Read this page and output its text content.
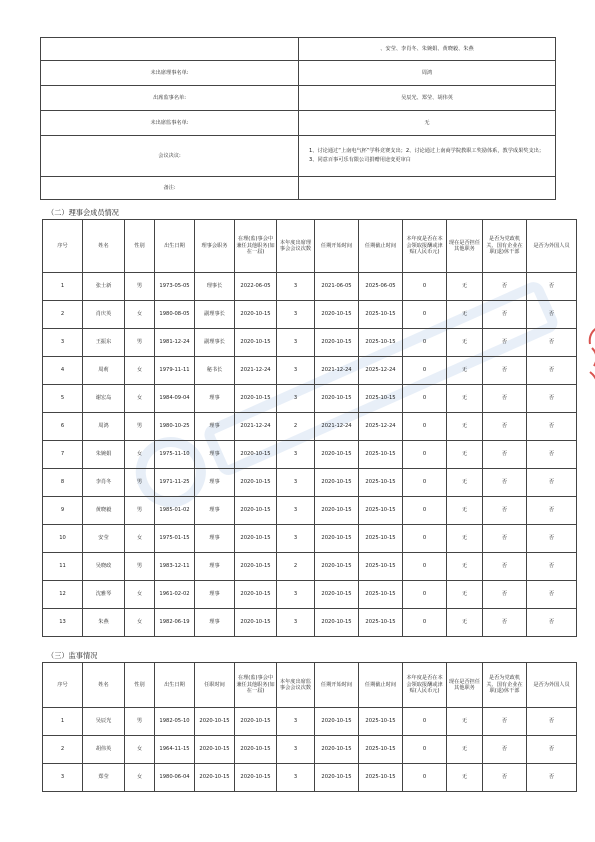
	、安莹、李肖冬、朱婉娟、黄晓毅、朱燕
未出席理事名单:	周鸿
出席监事名单:	吴辰光、郑莹、胡伟英
未出席监事名单:	无
会议决议:	1、讨论通过“上南电气杯”学科竞赛支出；2、讨论通过上南商学院教职工奖励体系，教学成果奖支出；3、同意百事可乐有限公司捐赠用途变更审白
备注:	
（二）理事会成员情况
序号	姓名	性别	出生日期	理事会职务	在理(监)事会中兼任其他职务(如在一届)	本年度出席理事会会议次数	任期开始时间	任期截止时间	本年度是否在本会领取报酬或津贴(人民币元)	现在是否担任其他职务	是否为党政机关、国有企业在职(退)休干部	是否为外国人员
1	张士新	男	1973-05-05	理事长	2022-06-05	3	2021-06-05	2025-06-05	0	无	否	否
2	肖庆英	女	1980-08-05	副理事长	2020-10-15	3	2020-10-15	2025-10-15	0	无	否	否
3	王振东	男	1981-12-24	副理事长	2020-10-15	3	2020-10-15	2025-10-15	0	无	否	否
4	周莉	女	1979-11-11	秘书长	2021-12-24	3	2021-12-24	2025-12-24	0	无	否	否
5	谢宏岛	女	1984-09-04	理事	2020-10-15	3	2020-10-15	2025-10-15	0	无	否	否
6	周鸿	男	1980-10-25	理事	2021-12-24	2	2021-12-24	2025-12-24	0	无	否	否
7	朱婉娟	女	1975-11-10	理事	2020-10-15	3	2020-10-15	2025-10-15	0	无	否	否
8	李肖冬	男	1971-11-25	理事	2020-10-15	3	2020-10-15	2025-10-15	0	无	否	否
9	黄晓毅	男	1985-01-02	理事	2020-10-15	3	2020-10-15	2025-10-15	0	无	否	否
10	安莹	女	1975-01-15	理事	2020-10-15	3	2020-10-15	2025-10-15	0	无	否	否
11	吴晓政	男	1983-12-11	理事	2020-10-15	2	2020-10-15	2025-10-15	0	无	否	否
12	沈雅琴	女	1961-02-02	理事	2020-10-15	3	2020-10-15	2025-10-15	0	无	否	否
13	朱燕	女	1982-06-19	理事	2020-10-15	3	2020-10-15	2025-10-15	0	无	否	否
（三）监事情况
序号	姓名	性别	出生日期	任职时间	在理(监)事会中兼任其他职务(如在一届)	本年度出席监事会会议次数	任期开始时间	任期截止时间	本年度是否在本会领取报酬或津贴(人民币元)	现在是否担任其他职务	是否为党政机关、国有企业在职(退)休干部	是否为外国人员
1	吴辰光	男	1982-05-10	2020-10-15	2020-10-15	3	2020-10-15	2025-10-15	0	无	否	否
2	胡伟英	女	1964-11-15	2020-10-15	2020-10-15	3	2020-10-15	2025-10-15	0	无	否	否
3	郑莹	女	1980-06-04	2020-10-15	2020-10-15	3	2020-10-15	2025-10-15	0	无	否	否
